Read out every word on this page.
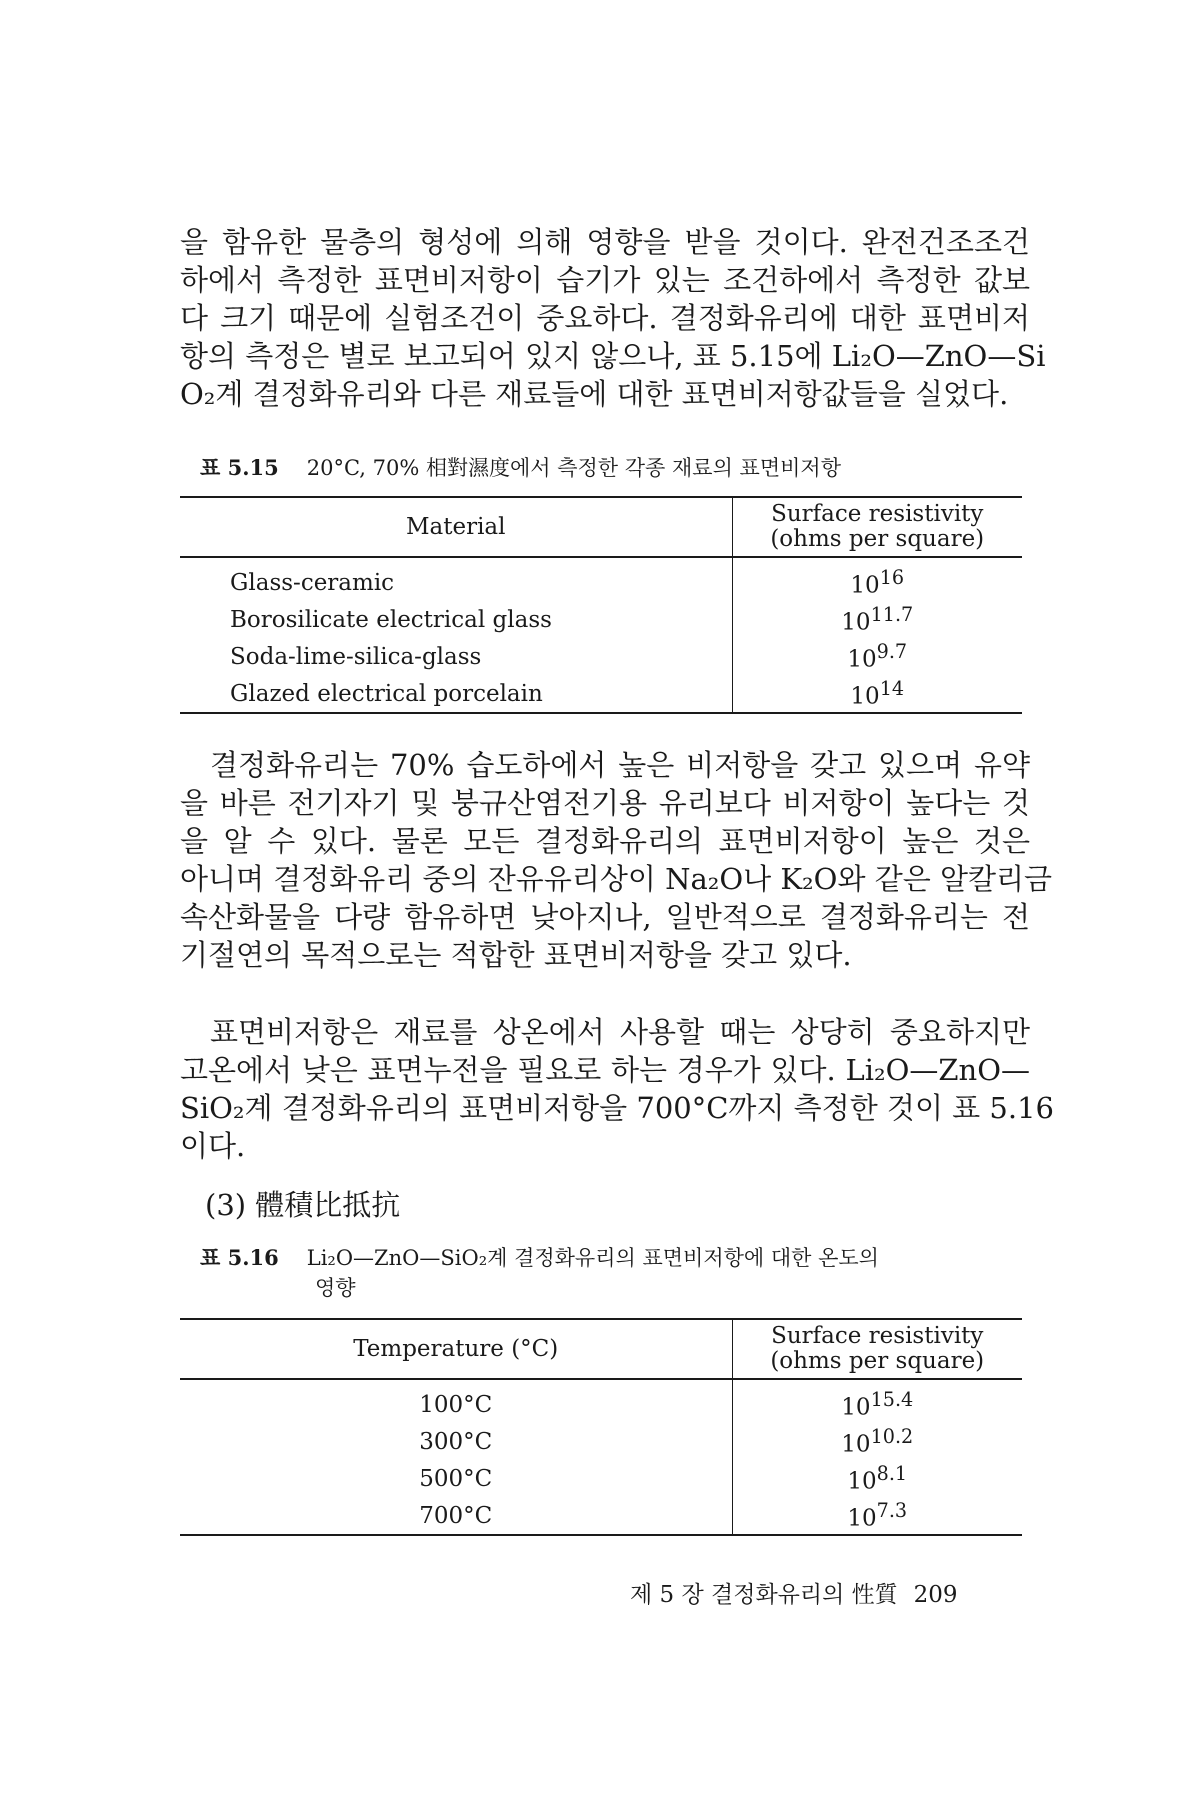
을 함유한 물층의 형성에 의해 영향을 받을 것이다. 완전건조조건
하에서 측정한 표면비저항이 습기가 있는 조건하에서 측정한 값보
다 크기 때문에 실험조건이 중요하다. 결정화유리에 대한 표면비저
항의 측정은 별로 보고되어 있지 않으나, 표 5.15에 Li₂O—ZnO—Si
O₂계 결정화유리와 다른 재료들에 대한 표면비저항값들을 실었다.

표 5.15 20°C, 70% 相對濕度에서 측정한 각종 재료의 표면비저항

Material	Surface resistivity
(ohms per square)

Glass-ceramic	$10^{16}$
Borosilicate electrical glass	$10^{11.7}$
Soda-lime-silica-glass	$10^{9.7}$
Glazed electrical porcelain	$10^{14}$

결정화유리는 70% 습도하에서 높은 비저항을 갖고 있으며 유약
을 바른 전기자기 및 붕규산염전기용 유리보다 비저항이 높다는 것
을 알 수 있다. 물론 모든 결정화유리의 표면비저항이 높은 것은
아니며 결정화유리 중의 잔유유리상이 Na₂O나 K₂O와 같은 알칼리금
속산화물을 다량 함유하면 낮아지나, 일반적으로 결정화유리는 전
기절연의 목적으로는 적합한 표면비저항을 갖고 있다.

표면비저항은 재료를 상온에서 사용할 때는 상당히 중요하지만
고온에서 낮은 표면누전을 필요로 하는 경우가 있다. Li₂O—ZnO—
SiO₂계 결정화유리의 표면비저항을 700°C까지 측정한 것이 표 5.16
이다.

(3) 體積比抵抗

표 5.16 Li₂O—ZnO—SiO₂계 결정화유리의 표면비저항에 대한 온도의
영향

Temperature (°C)	Surface resistivity
(ohms per square)

100°C	$10^{15.4}$
300°C	$10^{10.2}$
500°C	$10^{8.1}$
700°C	$10^{7.3}$

제 5 장 결정화유리의 性質 209
